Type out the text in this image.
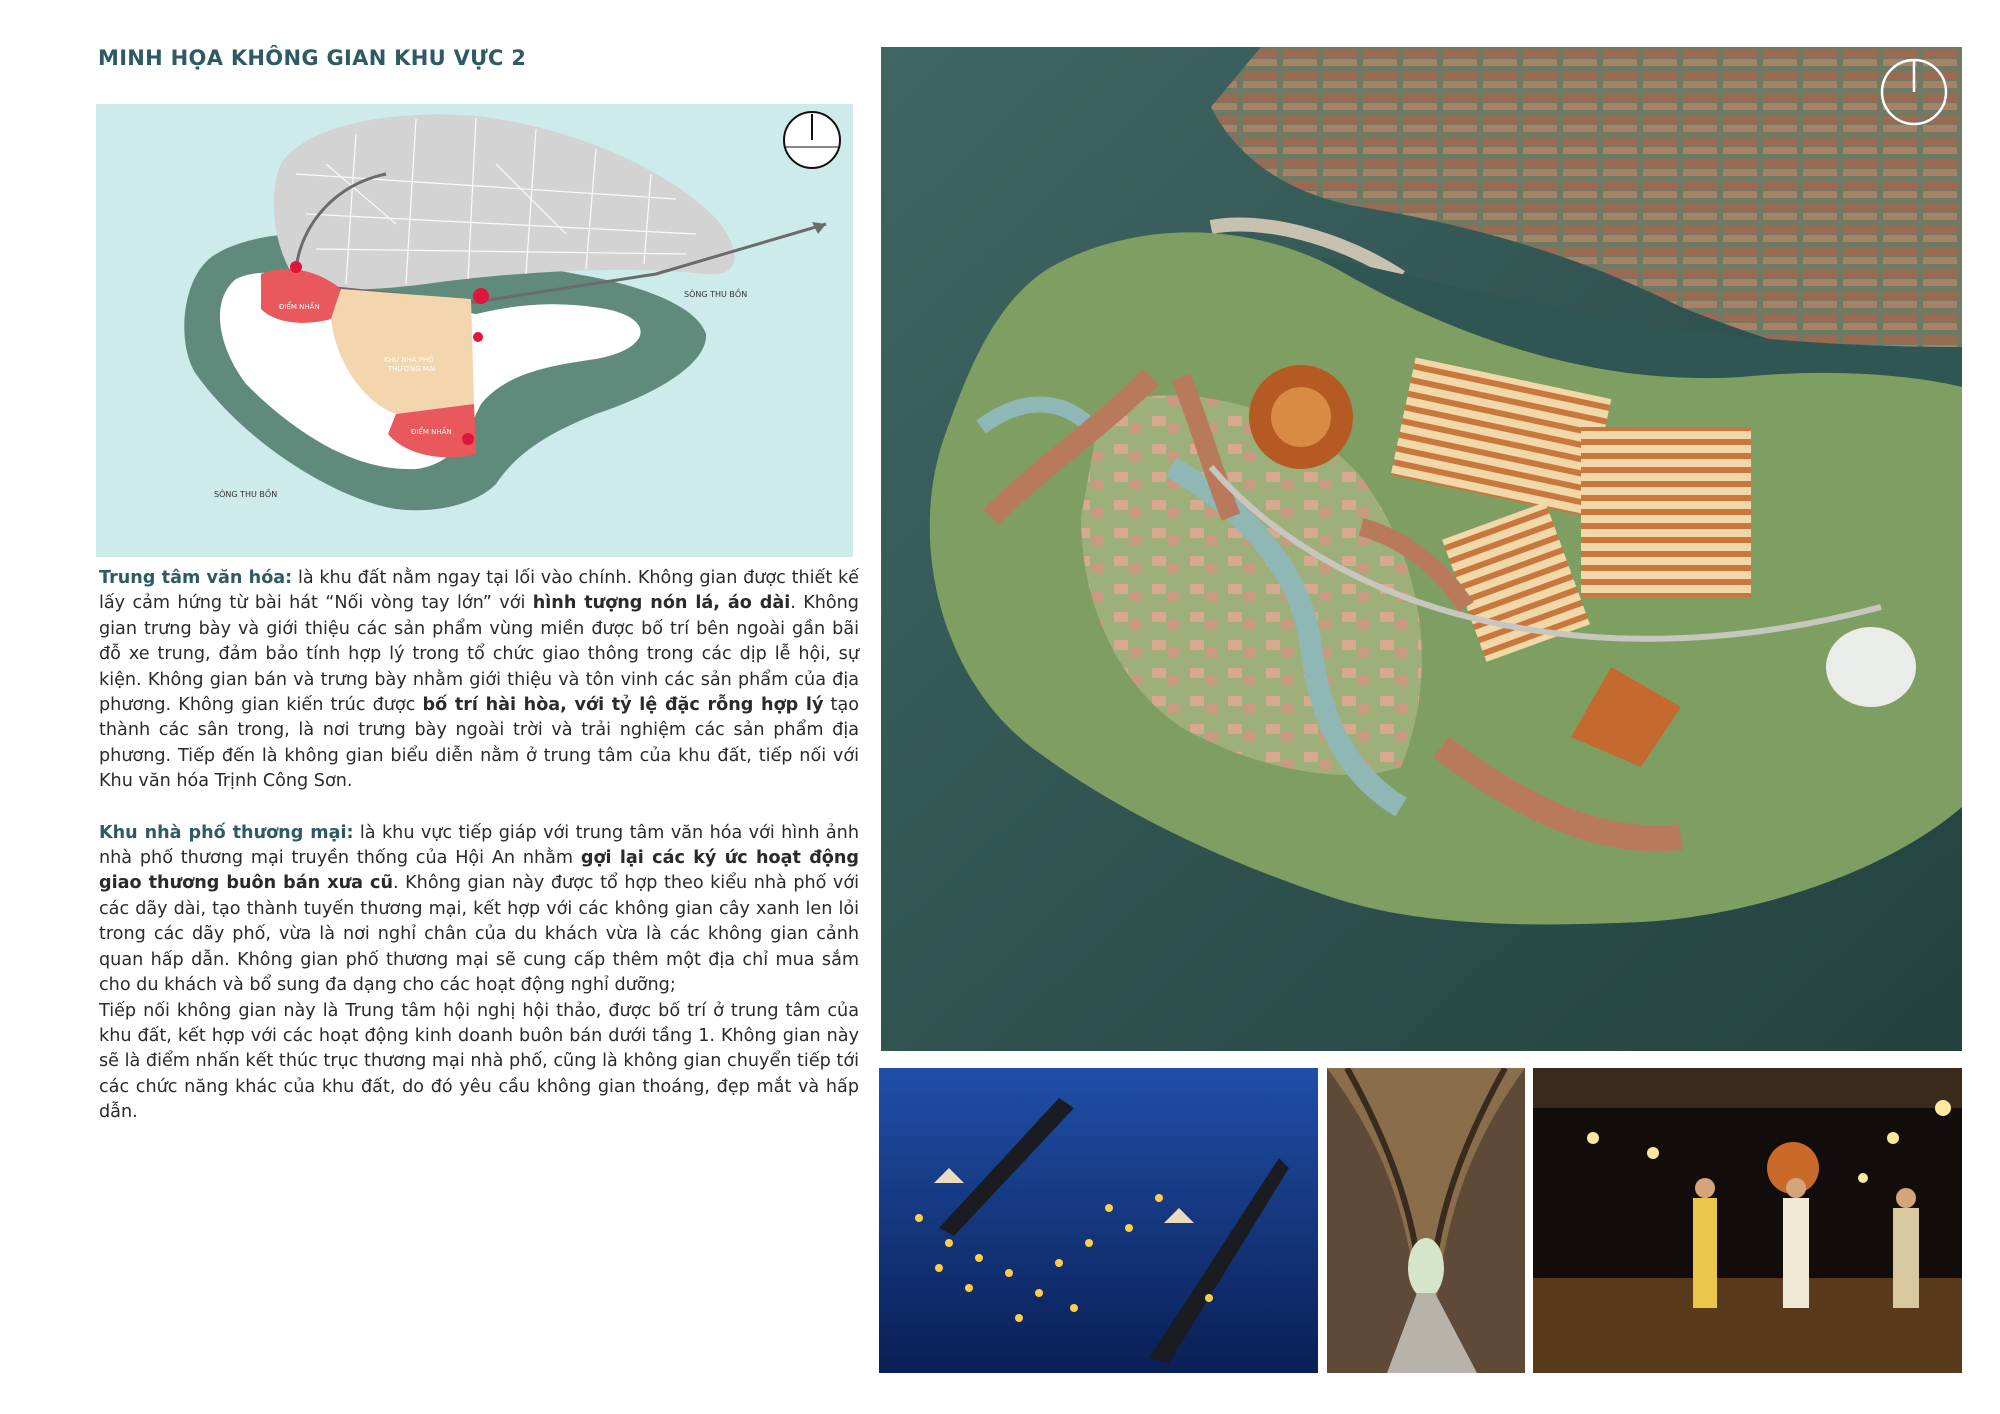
MINH HỌA KHÔNG GIAN KHU VỰC 2
ĐIỂM NHẤN
KHU NHÀ PHỐ
THƯƠNG MẠI
ĐIỂM NHẤN
SÔNG THU BỒN
SÔNG THU BỒN

Trung tâm văn hóa: là khu đất nằm ngay tại lối vào chính. Không gian được thiết kế lấy cảm hứng từ bài hát “Nối vòng tay lớn” với hình tượng nón lá, áo dài. Không gian trưng bày và giới thiệu các sản phẩm vùng miền được bố trí bên ngoài gần bãi đỗ xe trung, đảm bảo tính hợp lý trong tổ chức giao thông trong các dịp lễ hội, sự kiện. Không gian bán và trưng bày nhằm giới thiệu và tôn vinh các sản phẩm của địa phương. Không gian kiến trúc được bố trí hài hòa, với tỷ lệ đặc rỗng hợp lý tạo thành các sân trong, là nơi trưng bày ngoài trời và trải nghiệm các sản phẩm địa phương. Tiếp đến là không gian biểu diễn nằm ở trung tâm của khu đất, tiếp nối với Khu văn hóa Trịnh Công Sơn.

Khu nhà phố thương mại: là khu vực tiếp giáp với trung tâm văn hóa với hình ảnh nhà phố thương mại truyền thống của Hội An nhằm gợi lại các ký ức hoạt động giao thương buôn bán xưa cũ. Không gian này được tổ hợp theo kiểu nhà phố với các dãy dài, tạo thành tuyến thương mại, kết hợp với các không gian cây xanh len lỏi trong các dãy phố, vừa là nơi nghỉ chân của du khách vừa là các không gian cảnh quan hấp dẫn. Không gian phố thương mại sẽ cung cấp thêm một địa chỉ mua sắm cho du khách và bổ sung đa dạng cho các hoạt động nghỉ dưỡng;

Tiếp nối không gian này là Trung tâm hội nghị hội thảo, được bố trí ở trung tâm của khu đất, kết hợp với các hoạt động kinh doanh buôn bán dưới tầng 1. Không gian này sẽ là điểm nhấn kết thúc trục thương mại nhà phố, cũng là không gian chuyển tiếp tới các chức năng khác của khu đất, do đó yêu cầu không gian thoáng, đẹp mắt và hấp dẫn.
